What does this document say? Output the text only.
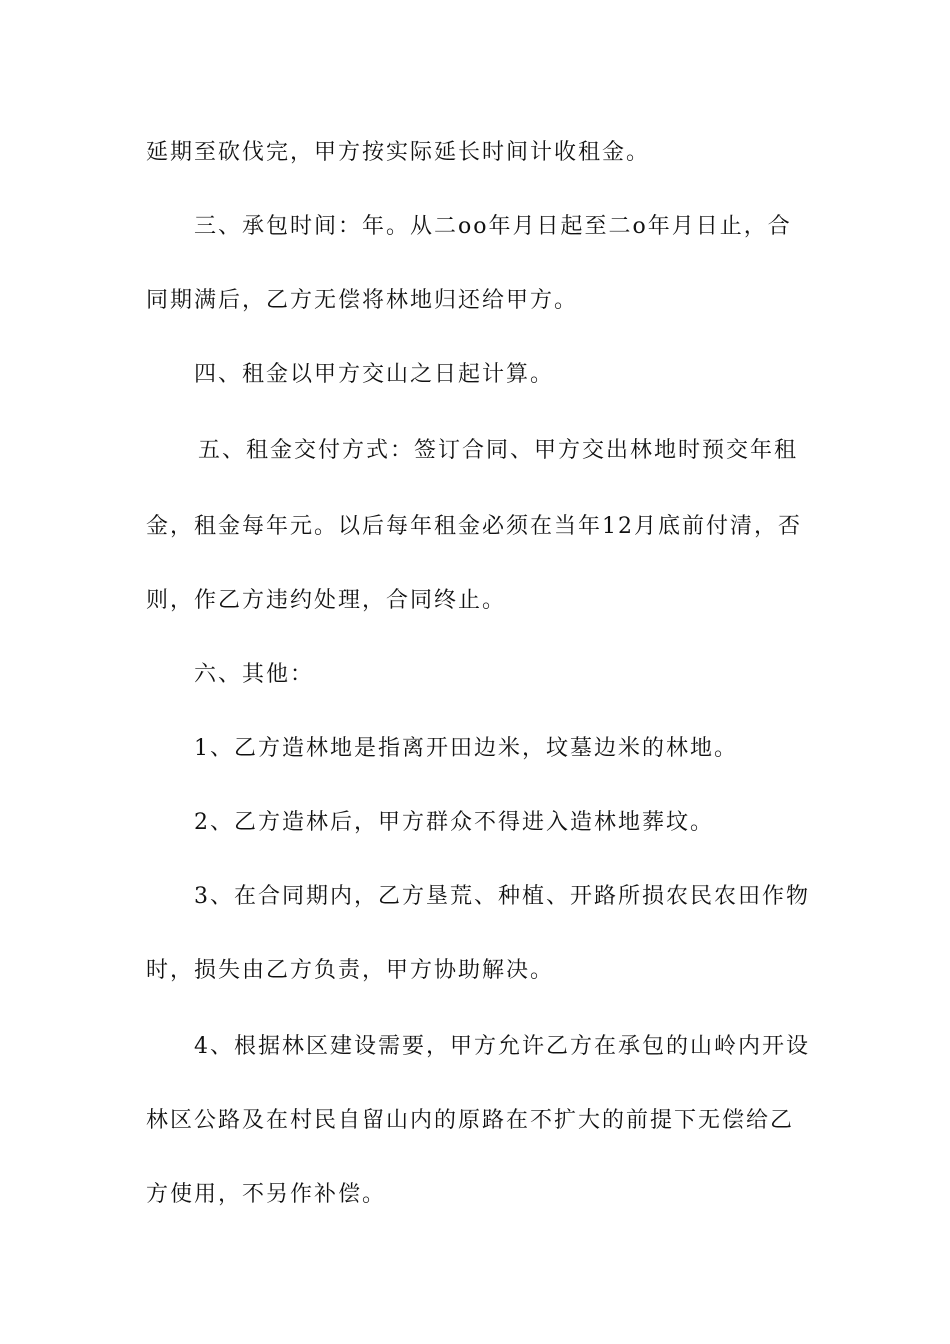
延期至砍伐完，甲方按实际延长时间计收租金。
三、承包时间：年。从二oo年月日起至二o年月日止，合
同期满后，乙方无偿将林地归还给甲方。
四、租金以甲方交山之日起计算。
五、租金交付方式：签订合同、甲方交出林地时预交年租
金，租金每年元。以后每年租金必须在当年12月底前付清，否
则，作乙方违约处理，合同终止。
六、其他：
1、乙方造林地是指离开田边米，坟墓边米的林地。
2、乙方造林后，甲方群众不得进入造林地葬坟。
3、在合同期内，乙方垦荒、种植、开路所损农民农田作物
时，损失由乙方负责，甲方协助解决。
4、根据林区建设需要，甲方允许乙方在承包的山岭内开设
林区公路及在村民自留山内的原路在不扩大的前提下无偿给乙
方使用，不另作补偿。
